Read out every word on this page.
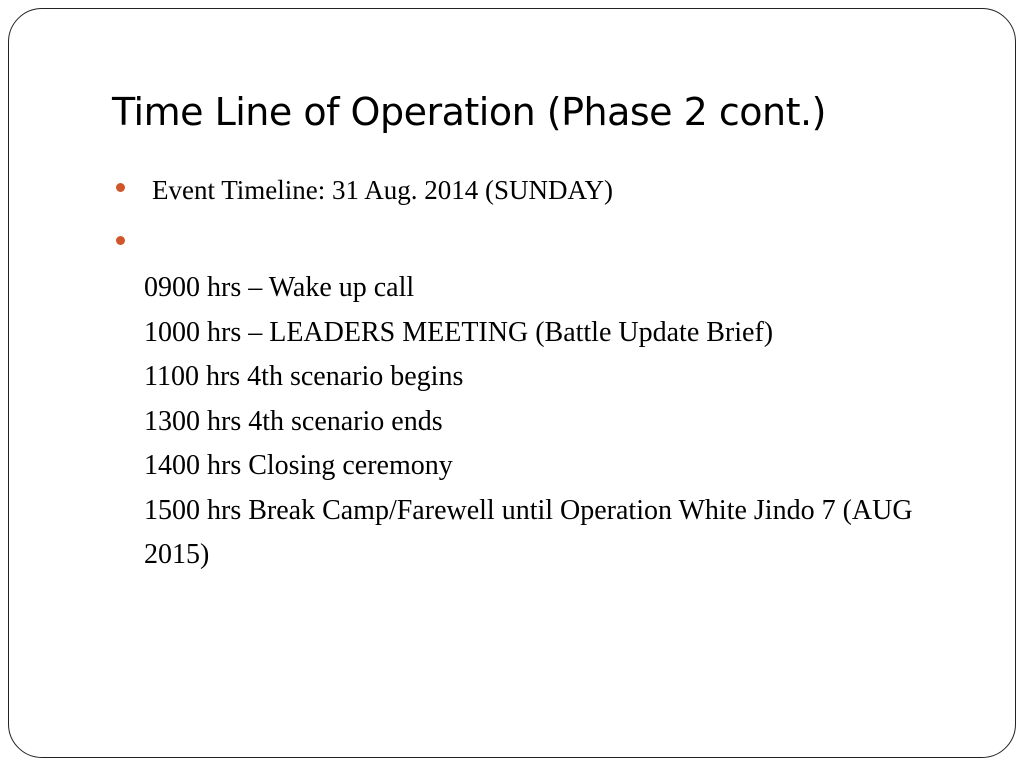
Time Line of Operation (Phase 2 cont.)
Event Timeline: 31 Aug. 2014 (SUNDAY)
0900 hrs – Wake up call
1000 hrs – LEADERS MEETING (Battle Update Brief)
1100 hrs 4th scenario begins
1300 hrs 4th scenario ends
1400 hrs Closing ceremony
1500 hrs Break Camp/Farewell until Operation White Jindo 7 (AUG 2015)
